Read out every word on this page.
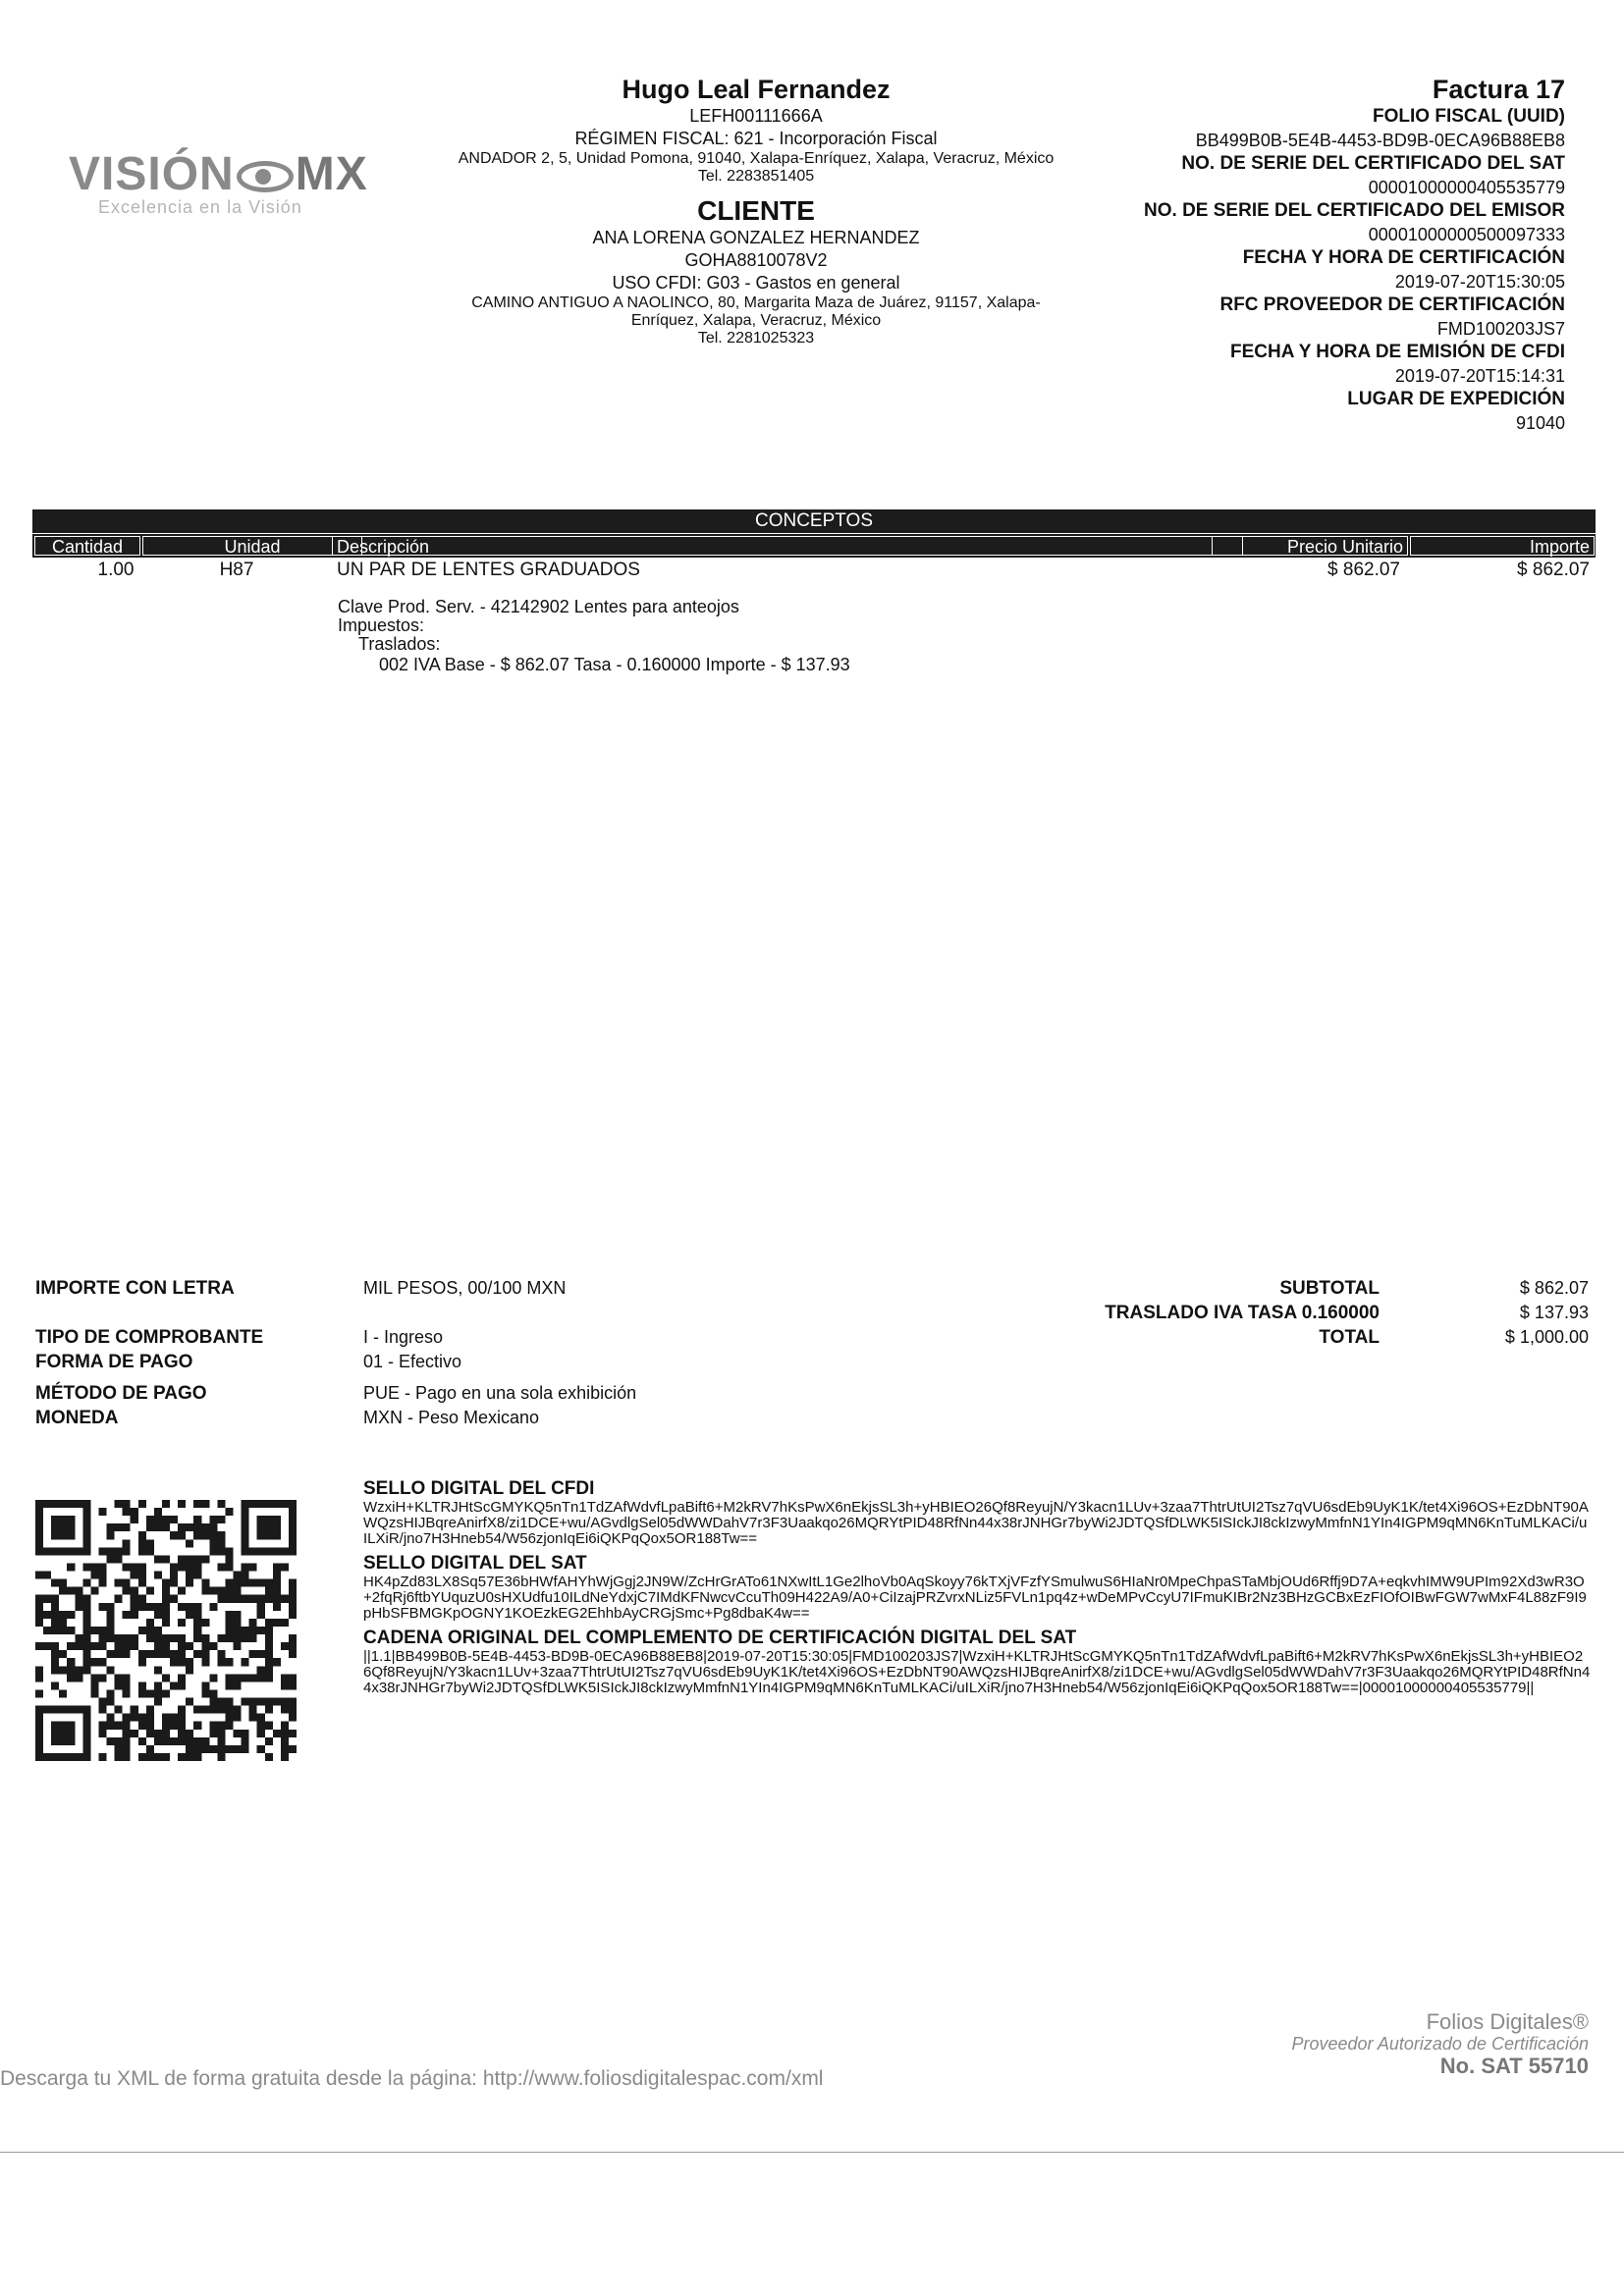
VISIÓN MX
Excelencia en la Visión
Hugo Leal Fernandez
LEFH00111666A
RÉGIMEN FISCAL: 621 - Incorporación Fiscal
ANDADOR 2, 5, Unidad Pomona, 91040, Xalapa-Enríquez, Xalapa, Veracruz, México
Tel. 2283851405
CLIENTE
ANA LORENA GONZALEZ HERNANDEZ
GOHA8810078V2
USO CFDI: G03 - Gastos en general
CAMINO ANTIGUO A NAOLINCO, 80, Margarita Maza de Juárez, 91157, Xalapa-Enríquez, Xalapa, Veracruz, México
Tel. 2281025323
Factura 17
FOLIO FISCAL (UUID)
BB499B0B-5E4B-4453-BD9B-0ECA96B88EB8
NO. DE SERIE DEL CERTIFICADO DEL SAT
00001000000405535779
NO. DE SERIE DEL CERTIFICADO DEL EMISOR
00001000000500097333
FECHA Y HORA DE CERTIFICACIÓN
2019-07-20T15:30:05
RFC PROVEEDOR DE CERTIFICACIÓN
FMD100203JS7
FECHA Y HORA DE EMISIÓN DE CFDI
2019-07-20T15:14:31
LUGAR DE EXPEDICIÓN
91040
CONCEPTOS
Cantidad	Unidad	Descripción	Precio Unitario	Importe
1.00	H87	UN PAR DE LENTES GRADUADOS	$ 862.07	$ 862.07
Clave Prod. Serv. - 42142902 Lentes para anteojos
Impuestos:
Traslados:
002 IVA Base - $ 862.07 Tasa - 0.160000 Importe - $ 137.93
IMPORTE CON LETRA	MIL PESOS, 00/100 MXN
TIPO DE COMPROBANTE	I - Ingreso
FORMA DE PAGO	01 - Efectivo
MÉTODO DE PAGO	PUE - Pago en una sola exhibición
MONEDA	MXN - Peso Mexicano
SUBTOTAL	$ 862.07
TRASLADO IVA TASA 0.160000	$ 137.93
TOTAL	$ 1,000.00
SELLO DIGITAL DEL CFDI
WzxiH+KLTRJHtScGMYKQ5nTn1TdZAfWdvfLpaBift6+M2kRV7hKsPwX6nEkjsSL3h+yHBIEO26Qf8ReyujN/Y3kacn1LUv+3zaa7ThtrUtUI2Tsz7qVU6sdEb9UyK1K/tet4Xi96OS+EzDbNT90AWQzsHIJBqreAnirfX8/zi1DCE+wu/AGvdlgSel05dWWDahV7r3F3Uaakqo26MQRYtPID48RfNn44x38rJNHGr7byWi2JDTQSfDLWK5ISIckJI8ckIzwyMmfnN1YIn4IGPM9qMN6KnTuMLKACi/uILXiR/jno7H3Hneb54/W56zjonIqEi6iQKPqQox5OR188Tw==
SELLO DIGITAL DEL SAT
HK4pZd83LX8Sq57E36bHWfAHYhWjGgj2JN9W/ZcHrGrATo61NXwItL1Ge2lhoVb0AqSkoyy76kTXjVFzfYSmulwuS6HIaNr0MpeChpaSTaMbjOUd6Rffj9D7A+eqkvhIMW9UPIm92Xd3wR3O+2fqRj6ftbYUquzU0sHXUdfu10ILdNeYdxjC7IMdKFNwcvCcuTh09H422A9/A0+CiIzajPRZvrxNLiz5FVLn1pq4z+wDeMPvCcyU7IFmuKIBr2Nz3BHzGCBxEzFIOfOIBwFGW7wMxF4L88zF9I9pHbSFBMGKpOGNY1KOEzkEG2EhhbAyCRGjSmc+Pg8dbaK4w==
CADENA ORIGINAL DEL COMPLEMENTO DE CERTIFICACIÓN DIGITAL DEL SAT
||1.1|BB499B0B-5E4B-4453-BD9B-0ECA96B88EB8|2019-07-20T15:30:05|FMD100203JS7|WzxiH+KLTRJHtScGMYKQ5nTn1TdZAfWdvfLpaBift6+M2kRV7hKsPwX6nEkjsSL3h+yHBIEO26Qf8ReyujN/Y3kacn1LUv+3zaa7ThtrUtUI2Tsz7qVU6sdEb9UyK1K/tet4Xi96OS+EzDbNT90AWQzsHIJBqreAnirfX8/zi1DCE+wu/AGvdlgSel05dWWDahV7r3F3Uaakqo26MQRYtPID48RfNn44x38rJNHGr7byWi2JDTQSfDLWK5ISIckJI8ckIzwyMmfnN1YIn4IGPM9qMN6KnTuMLKACi/uILXiR/jno7H3Hneb54/W56zjonIqEi6iQKPqQox5OR188Tw==|00001000000405535779||
Folios Digitales®
Proveedor Autorizado de Certificación
No. SAT 55710
Descarga tu XML de forma gratuita desde la página: http://www.foliosdigitalespac.com/xml
